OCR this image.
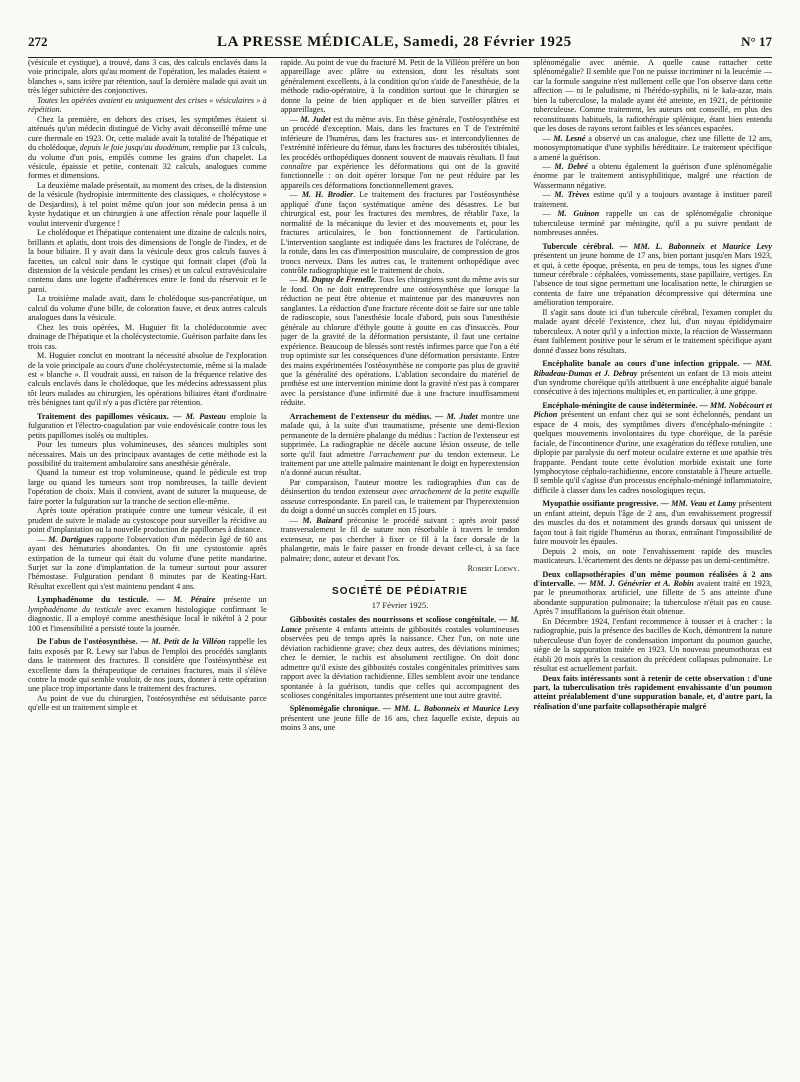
272	LA PRESSE MÉDICALE, Samedi, 28 Février 1925	N° 17

(vésicule et cystique), a trouvé, dans 3 cas, des calculs enclavés dans la voie principale, alors qu'au moment de l'opération, les malades étaient « blanches », sans ictère par rétention, sauf la dernière malade qui avait un très léger subictère des conjonctives.

Toutes les opérées avaient eu uniquement des crises « vésiculaires » à répétition.

Chez la première, en dehors des crises, les symptômes étaient si atténués qu'un médecin distingué de Vichy avait déconseillé même une cure thermale en 1923. Or, cette malade avait la totalité de l'hépatique et du cholédoque, depuis le foie jusqu'au duodénum, remplie par 13 calculs, du volume d'un pois, empilés comme les grains d'un chapelet. La vésicule, épaissie et petite, contenait 32 calculs, analogues comme formes et dimensions.

La deuxième malade présentait, au moment des crises, de la distension de la vésicule (hydropisie intermittente des classiques, « cholécystose » de Desjardins), à tel point même qu'un jour son médecin pensa à un kyste hydatique et un chirurgien à une affection rénale pour laquelle il voulut intervenir d'urgence !

Le cholédoque et l'hépatique contenaient une dizaine de calculs noirs, brillants et aplatis, dont trois des dimensions de l'ongle de l'index, et de la boue biliaire. Il y avait dans la vésicule deux gros calculs fauves à facettes, un calcul noir dans le cystique qui formait clapet (d'où la distension de la vésicule pendant les crises) et un calcul extravésiculaire contenu dans une logette d'adhérences entre le fond du réservoir et le paroi.

La troisième malade avait, dans le cholédoque sus-pancréatique, un calcul du volume d'une bille, de coloration fauve, et deux autres calculs analogues dans la vésicule.

Chez les trois opérées, M. Huguier fit la cholédocotomie avec drainage de l'hépatique et la cholécystectomie. Guérison parfaite dans les trois cas.

M. Huguier conclut en montrant la nécessité absolue de l'exploration de la voie principale au cours d'une cholécystectomie, même si la malade est « blanche ». Il voudrait aussi, en raison de la fréquence relative des calculs enclavés dans le cholédoque, que les médecins adressassent plus tôt leurs malades au chirurgien, les opérations biliaires étant d'ordinaire très bénignes tant qu'il n'y a pas d'ictère par rétention.

Traitement des papillomes vésicaux. — M. Pasteau emploie la fulguration et l'électro-coagulation par voie endovésicale contre tous les petits papillomes isolés ou multiples.

Pour les tumeurs plus volumineuses, des séances multiples sont nécessaires. Mais un des principaux avantages de cette méthode est la possibilité du traitement ambulatoire sans anesthésie générale.

Quand la tumeur est trop volumineuse, quand le pédicule est trop large ou quand les tumeurs sont trop nombreuses, la taille devient l'opération de choix. Mais il convient, avant de suturer la muqueuse, de faire porter la fulguration sur la tranche de section elle-même.

Après toute opération pratiquée contre une tumeur vésicale, il est prudent de suivre le malade au cystoscope pour surveiller la récidive au point d'implantation ou la nouvelle production de papillomes à distance.

— M. Dartigues rapporte l'observation d'un médecin âgé de 60 ans ayant des hématuries abondantes. On fit une cystostomie après extirpation de la tumeur qui était du volume d'une petite mandarine. Surjet sur la zone d'implantation de la tumeur surtout pour assurer l'hémostase. Fulguration pendant 8 minutes par de Keating-Hart. Résultat excellent qui s'est maintenu pendant 4 ans.

Lymphadénome du testicule. — M. Péraire présente un lymphadénome du testicule avec examen histologique confirmant le diagnostic. Il a employé comme anesthésique local le nikétol à 2 pour 100 et l'insensibilité a persisté toute la journée.

De l'abus de l'ostéosynthèse. — M. Petit de la Villéon rappelle les faits exposés par R. Lewy sur l'abus de l'emploi des procédés sanglants dans le traitement des fractures. Il considère que l'ostéosynthèse est excellente dans la thérapeutique de certaines fractures, mais il s'élève contre la mode qui semble vouloir, de nos jours, donner à cette opération une place trop importante dans le traitement des fractures.

Au point de vue du chirurgien, l'ostéosynthèse est séduisante parce qu'elle est un traitement simple et

rapide. Au point de vue du fracturé M. Petit de la Villéon préfère un bon appareillage avec plâtre ou extension, dont les résultats sont généralement excellents, à la condition qu'on s'aide de l'anesthésie, de la méthode radio-opératoire, à la condition surtout que le chirurgien se donne la peine de bien appliquer et de bien surveiller plâtres et appareillages.

— M. Judet est du même avis. En thèse générale, l'ostéosynthèse est un procédé d'exception. Mais, dans les fractures en T de l'extrémité inférieure de l'humérus, dans les fractures sus- et intercondyliennes de l'extrémité inférieure du fémur, dans les fractures des tubérosités tibiales, les procédés orthopédiques donnent souvent de mauvais résultats. Il faut connaître par expérience les déformations qui ont de la gravité fonctionnelle : on doit opérer lorsque l'on ne peut réduire par les appareils ces déformations fonctionnellement graves.

— M. H. Brodier. Le traitement des fractures par l'ostéosynthèse appliqué d'une façon systématique amène des désastres. Le but chirurgical est, pour les fractures des membres, de rétablir l'axe, la normalité de la mécanique du levier et des mouvements et, pour les fractures articulaires, le bon fonctionnement de l'articulation. L'intervention sanglante est indiquée dans les fractures de l'olécrane, de la rotule, dans les cas d'interposition musculaire, de compression de gros troncs nerveux. Dans les autres cas, le traitement orthopédique avec contrôle radiographique est le traitement de choix.

— M. Dupuy de Frenelle. Tous les chirurgiens sont du même avis sur le fond. On ne doit entreprendre une ostéosynthèse que lorsque la réduction ne peut être obtenue et maintenue par des manœuvres non sanglantes. La réduction d'une fracture récente doit se faire sur une table de radioscopie, sous l'anesthésie locale d'abord, puis sous l'anesthésie générale au chlorure d'éthyle goutte à goutte en cas d'insuccès. Pour juger de la gravité de la déformation persistante, il faut une certaine expérience. Beaucoup de blessés sont restés infirmes parce que l'on a été trop optimiste sur les conséquences d'une déformation persistante. Entre des mains expérimentées l'ostéosynthèse ne comporte pas plus de gravité que la généralité des opérations. L'ablation secondaire du matériel de prothèse est une intervention minime dont la gravité n'est pas à comparer avec la persistance d'une infirmité due à une fracture insuffisamment réduite.

Arrachement de l'extenseur du médius. — M. Judet montre une malade qui, à la suite d'un traumatisme, présente une demi-flexion permanente de la dernière phalange du médius : l'action de l'extenseur est supprimée. La radiographie ne décèle aucune lésion osseuse, de telle sorte qu'il faut admettre l'arrachement pur du tendon extenseur. Le traitement par une attelle palmaire maintenant le doigt en hyperextension n'a donné aucun résultat.

Par comparaison, l'auteur montre les radiographies d'un cas de désinsertion du tendon extenseur avec arrachement de la petite esquille osseuse correspondante. En pareil cas, le traitement par l'hyperextension du doigt a donné un succès complet en 15 jours.

— M. Baizard préconise le procédé suivant : après avoir passé transversalement le fil de suture non résorbable à travers le tendon extenseur, ne pas chercher à fixer ce fil à la face dorsale de la phalangette, mais le faire passer en fronde devant celle-ci, à sa face palmaire; donc, auteur et devant l'os.

Robert Loewy.
SOCIÉTÉ DE PÉDIATRIE
17 Février 1925.

Gibbosités costales des nourrissons et scoliose congénitale. — M. Lance présente 4 enfants atteints de gibbosités costales volumineuses observées peu de temps après la naissance. Chez l'un, on note une déviation rachidienne grave; chez deux autres, des déviations minimes; chez le dernier, le rachis est absolument rectiligne. On doit donc admettre qu'il existe des gibbosités costales congénitales primitives sans rapport avec la déviation rachidienne. Elles semblent avoir une tendance spontanée à la guérison, tandis que celles qui accompagnent des scolioses congénitales importantes présentent une tout autre gravité.

Splénomégalie chronique. — MM. L. Babonneix et Maurice Levy présentent une jeune fille de 16 ans, chez laquelle existe, depuis au moins 3 ans, une

splénomégalie avec anémie. A quelle cause rattacher cette splénomégalie? Il semble que l'on ne puisse incriminer ni la leucémie — car la formule sanguine n'est nullement celle que l'on observe dans cette affection — ni le paludisme, ni l'hérédo-syphilis, ni le kala-azar, mais bien la tuberculose, la malade ayant été atteinte, en 1921, de péritonite tuberculeuse. Comme traitement, les auteurs ont conseillé, en plus des reconstituants habituels, la radiothérapie splénique, étant bien entendu que les doses de rayons seront faibles et les séances espacées.

— M. Lesné a observé un cas analogue, chez une fillette de 12 ans, monosymptomatique d'une syphilis héréditaire. Le traitement spécifique a amené la guérison.

— M. Debré a obtenu également la guérison d'une splénomégalie énorme par le traitement antisyphilitique, malgré une réaction de Wassermann négative.

— M. Trèves estime qu'il y a toujours avantage à instituer pareil traitement.

— M. Guinon rappelle un cas de splénomégalie chronique tuberculeuse terminé par méningite, qu'il a pu suivre pendant de nombreuses années.

Tubercule cérébral. — MM. L. Babonneix et Maurice Levy présentent un jeune homme de 17 ans, bien portant jusqu'en Mars 1923, et qui, à cette époque, présenta, en peu de temps, tous les signes d'une tumeur cérébrale : céphalées, vomissements, stase papillaire, vertiges. En l'absence de tout signe permettant une localisation nette, le chirurgien se contenta de faire une trépanation décompressive qui détermina une amélioration temporaire.

Il s'agit sans doute ici d'un tubercule cérébral, l'examen complet du malade ayant décelé l'existence, chez lui, d'un noyau épididymaire tuberculeux. A noter qu'il y a infection mixte, la réaction de Wassermann étant faiblement positive pour le sérum et le traitement spécifique ayant donné d'assez bons résultats.

Encéphalite banale au cours d'une infection grippale. — MM. Ribadeau-Dumas et J. Debray présentent un enfant de 13 mois atteint d'un syndrome choréique qu'ils attribuent à une encéphalite aiguë banale consécutive à des injections multiples et, en particulier, à une grippe.

Encéphalo-méningite de cause indéterminée. — MM. Nobécourt et Pichon présentent un enfant chez qui se sont échelonnés, pendant un espace de 4 mois, des symptômes divers d'encéphalo-méningite : quelques mouvements involontaires du type choréique, de la parésie faciale, de l'incontinence d'urine, une exagération du réflexe rotulien, une diplopie par paralysie du nerf moteur oculaire externe et une apathie très frappante. Pendant toute cette évolution morbide existait une forte lymphocytose céphalo-rachidienne, encore constatable à l'heure actuelle. Il semble qu'il s'agisse d'un processus encéphalo-méningé inflammatoire, difficile à classer dans les cadres nosologiques reçus.

Myopathie ossifiante progressive. — MM. Veau et Lamy présentent un enfant atteint, depuis l'âge de 2 ans, d'un envahissement progressif des muscles du dos et notamment des grands dorsaux qui unissent de façon tout à fait rigide l'humérus au thorax, entraînant l'impossibilité de faire mouvoir les épaules.

Depuis 2 mois, on note l'envahissement rapide des muscles masticateurs. L'écartement des dents ne dépasse pas un demi-centimètre.

Deux collapsothérapies d'un même poumon réalisées à 2 ans d'intervalle. — MM. J. Génévrier et A. Robin avaient traité en 1923, par le pneumothorax artificiel, une fillette de 5 ans atteinte d'une abondante suppuration pulmonaire; la tuberculose n'était pas en cause. Après 7 insufflations la guérison était obtenue.

En Décembre 1924, l'enfant recommence à tousser et à cracher : la radiographie, puis la présence des bacilles de Koch, démontrent la nature tuberculeuse d'un foyer de condensation important du poumon gauche, siège de la suppuration traitée en 1923. Un nouveau pneumothorax est établi 20 mois après la cessation du précédent collapsus pulmonaire. Le résultat est actuellement parfait.

Deux faits intéressants sont à retenir de cette observation : d'une part, la tuberculisation très rapidement envahissante d'un poumon atteint préalablement d'une suppuration banale, et, d'autre part, la réalisation d'une parfaite collapsothérapie malgré
